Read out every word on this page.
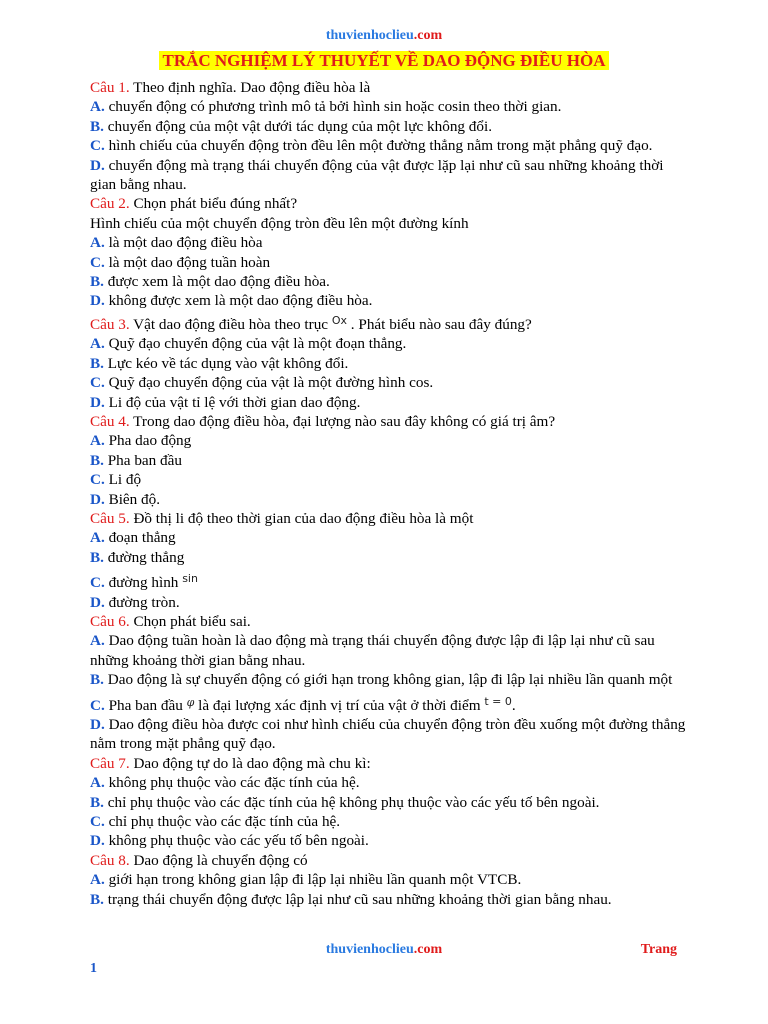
thuvienhoclieu.com
TRẮC NGHIỆM LÝ THUYẾT VỀ DAO ĐỘNG ĐIỀU HÒA

Câu 1. Theo định nghĩa. Dao động điều hòa là

A. chuyển động có phương trình mô tả bởi hình sin hoặc cosin theo thời gian.

B. chuyển động của một vật dưới tác dụng của một lực không đổi.

C. hình chiếu của chuyển động tròn đều lên một đường thẳng nằm trong mặt phẳng quỹ đạo.

D. chuyển động mà trạng thái chuyển động của vật được lặp lại như cũ sau những khoảng thời gian bằng nhau.

Câu 2. Chọn phát biểu đúng nhất?

Hình chiếu của một chuyển động tròn đều lên một đường kính

A. là một dao động điều hòa

C. là một dao động tuần hoàn

B. được xem là một dao động điều hòa.

D. không được xem là một dao động điều hòa.

Câu 3. Vật dao động điều hòa theo trục $^{Ox}$ . Phát biểu nào sau đây đúng?

A. Quỹ đạo chuyển động của vật là một đoạn thẳng.

B. Lực kéo về tác dụng vào vật không đổi.

C. Quỹ đạo chuyển động của vật là một đường hình cos.

D. Li độ của vật tỉ lệ với thời gian dao động.

Câu 4. Trong dao động điều hòa, đại lượng nào sau đây không có giá trị âm?

A. Pha dao động

B. Pha ban đầu

C. Li độ

D. Biên độ.

Câu 5. Đồ thị li độ theo thời gian của dao động điều hòa là một

A. đoạn thẳng

B. đường thẳng

C. đường hình $^{sin}$

D. đường tròn.

Câu 6. Chọn phát biểu sai.

A. Dao động tuần hoàn là dao động mà trạng thái chuyển động được lập đi lập lại như cũ sau những khoảng thời gian bằng nhau.

B. Dao động là sự chuyển động có giới hạn trong không gian, lập đi lập lại nhiều lần quanh một

C. Pha ban đầu $^\varphi$ là đại lượng xác định vị trí của vật ở thời điểm $^{t = 0}$.

D. Dao động điều hòa được coi như hình chiếu của chuyển động tròn đều xuống một đường thẳng nằm trong mặt phẳng quỹ đạo.

Câu 7. Dao động tự do là dao động mà chu kì:

A. không phụ thuộc vào các đặc tính của hệ.

B. chỉ phụ thuộc vào các đặc tính của hệ không phụ thuộc vào các yếu tố bên ngoài.

C. chỉ phụ thuộc vào các đặc tính của hệ.

D. không phụ thuộc vào các yếu tố bên ngoài.

Câu 8. Dao động là chuyển động có

A. giới hạn trong không gian lập đi lập lại nhiều lần quanh một VTCB.

B. trạng thái chuyển động được lập lại như cũ sau những khoảng thời gian bằng nhau.

thuvienhoclieu.com	Trang
1
